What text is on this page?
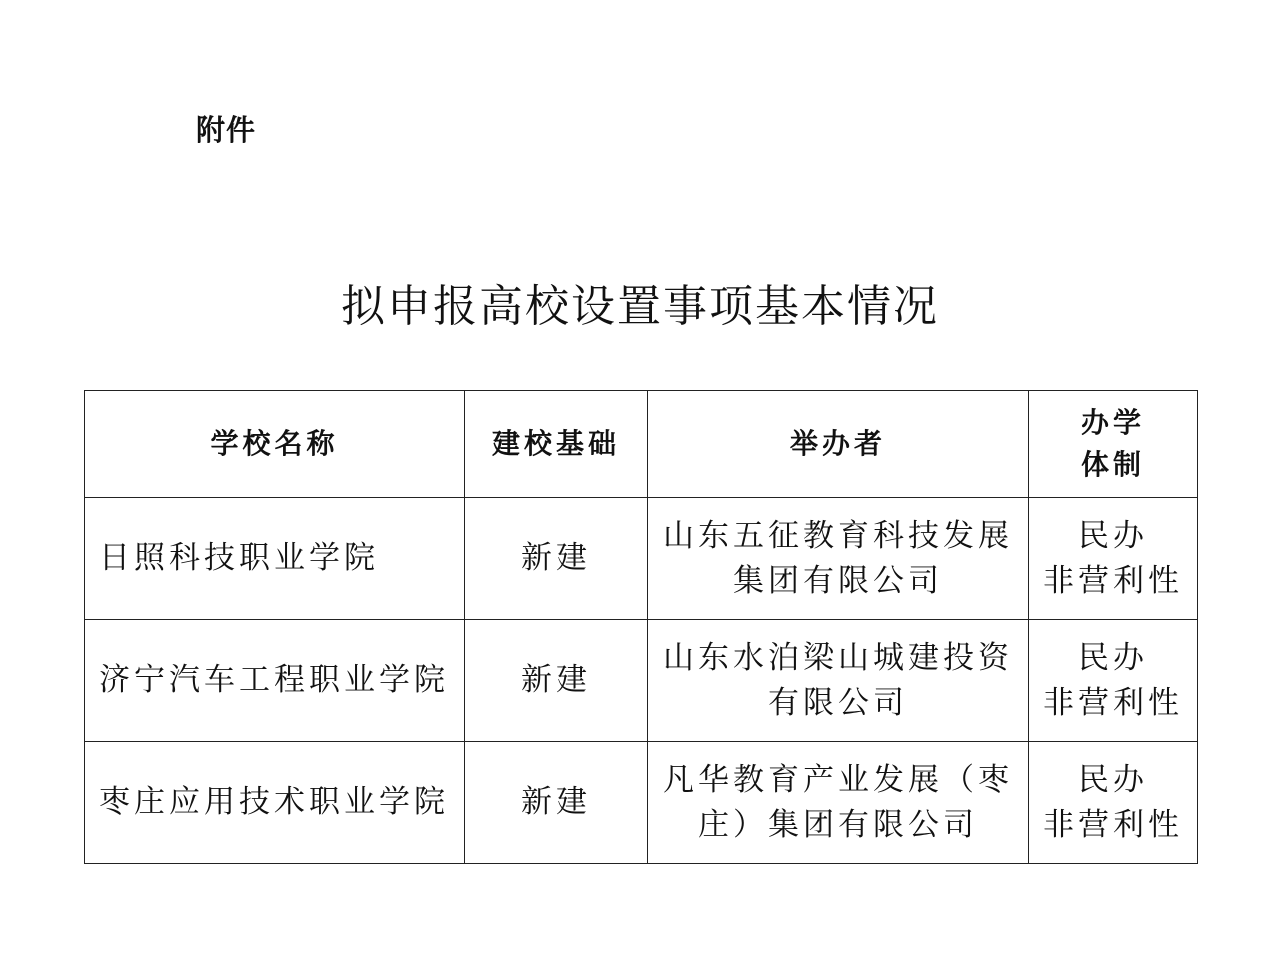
附件
拟申报高校设置事项基本情况
学校名称	建校基础	举办者	办学
体制

日照科技职业学院	新建	山东五征教育科技发展
集团有限公司	民办
非营利性

济宁汽车工程职业学院	新建	山东水泊梁山城建投资
有限公司	民办
非营利性

枣庄应用技术职业学院	新建	凡华教育产业发展（枣
庄）集团有限公司	民办
非营利性
